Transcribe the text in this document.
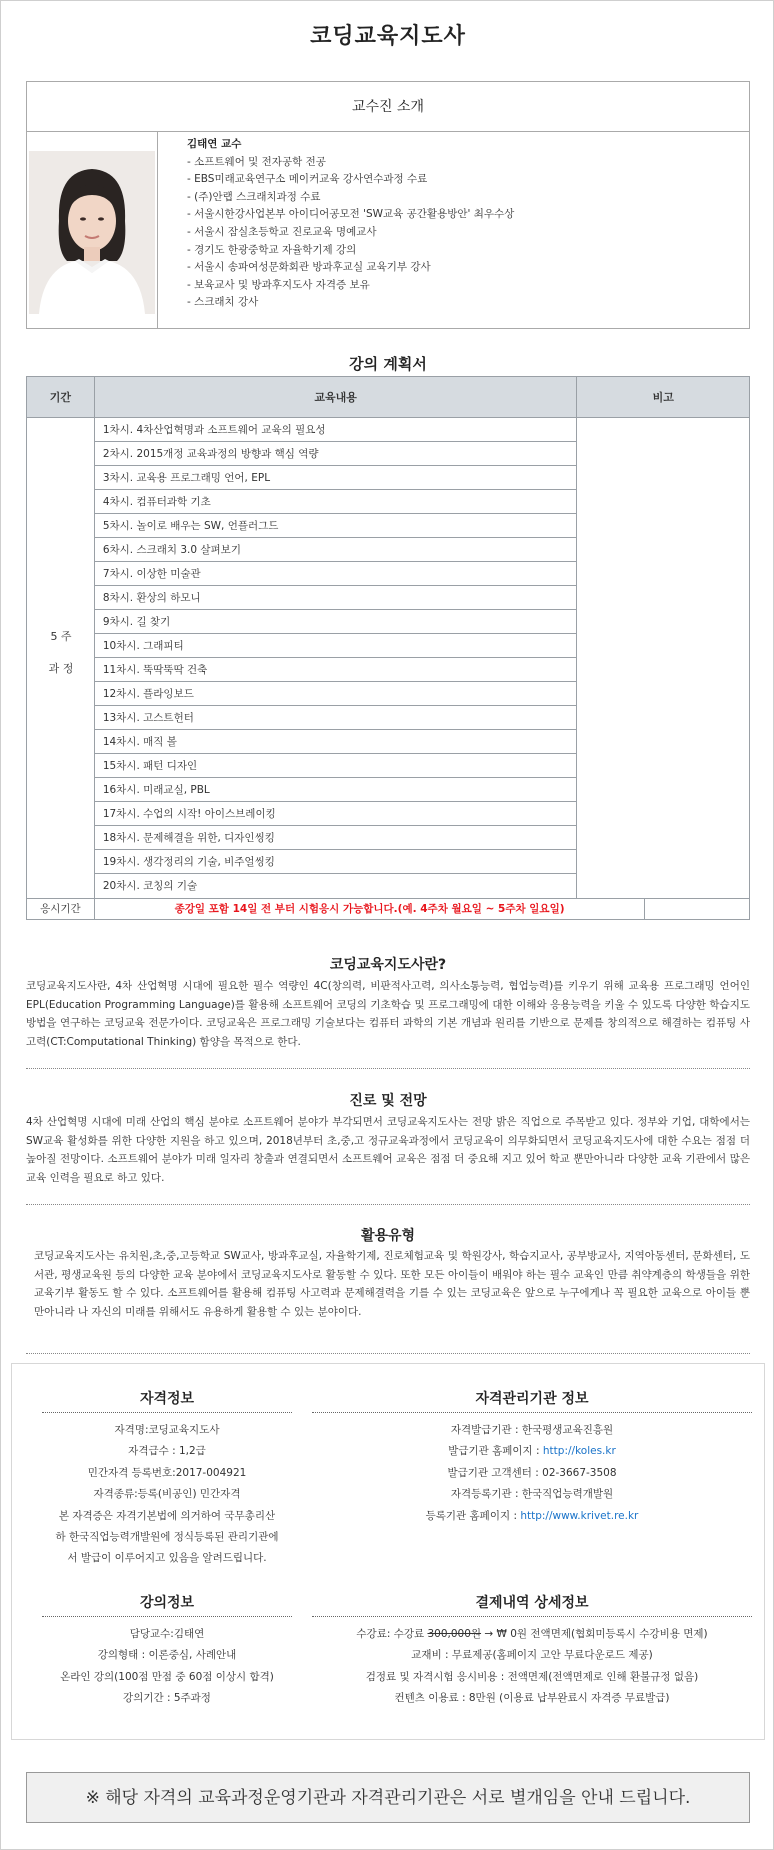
코딩교육지도사
교수진 소개
김태연 교수
- 소프트웨어 및 전자공학 전공
- EBS미래교육연구소 메이커교육 강사연수과정 수료
- (주)안랩 스크래치과정 수료
- 서울시한강사업본부 아이디어공모전 'SW교육 공간활용방안' 최우수상
- 서울시 잠실초등학교 진로교육 명예교사
- 경기도 한광중학교 자율학기제 강의
- 서울시 송파여성문화회관 방과후교실 교육기부 강사
- 보육교사 및 방과후지도사 자격증 보유
- 스크래치 강사
강의 계획서
기간	교육내용	비고
5 주
과 정
1차시. 4차산업혁명과 소프트웨어 교육의 필요성
2차시. 2015개정 교육과정의 방향과 핵심 역량
3차시. 교육용 프로그래밍 언어, EPL
4차시. 컴퓨터과학 기초
5차시. 놀이로 배우는 SW, 언플러그드
6차시. 스크래치 3.0 살펴보기
7차시. 이상한 미술관
8차시. 환상의 하모니
9차시. 길 찾기
10차시. 그래피티
11차시. 뚝딱뚝딱 건축
12차시. 플라잉보드
13차시. 고스트헌터
14차시. 매직 볼
15차시. 패턴 디자인
16차시. 미래교실, PBL
17차시. 수업의 시작! 아이스브레이킹
18차시. 문제해결을 위한, 디자인씽킹
19차시. 생각정리의 기술, 비주얼씽킹
20차시. 코칭의 기술
응시기간	종강일 포함 14일 전 부터 시험응시 가능합니다.(예. 4주차 월요일 ~ 5주차 일요일)
코딩교육지도사란?
코딩교육지도사란, 4차 산업혁명 시대에 필요한 필수 역량인 4C(창의력, 비판적사고력, 의사소통능력, 협업능력)를 키우기 위해 교육용 프로그래밍 언어인 EPL(Education Programming Language)를 활용해 소프트웨어 코딩의 기초학습 및 프로그래밍에 대한 이해와 응용능력을 키울 수 있도록 다양한 학습지도 방법을 연구하는 코딩교육 전문가이다. 코딩교육은 프로그래밍 기술보다는 컴퓨터 과학의 기본 개념과 원리를 기반으로 문제를 창의적으로 해결하는 컴퓨팅 사고력(CT:Computational Thinking) 함양을 목적으로 한다.
진로 및 전망
4차 산업혁명 시대에 미래 산업의 핵심 분야로 소프트웨어 분야가 부각되면서 코딩교육지도사는 전망 밝은 직업으로 주목받고 있다. 정부와 기업, 대학에서는 SW교육 활성화를 위한 다양한 지원을 하고 있으며, 2018년부터 초,중,고 정규교육과정에서 코딩교육이 의무화되면서 코딩교육지도사에 대한 수요는 점점 더 높아질 전망이다. 소프트웨어 분야가 미래 일자리 창출과 연결되면서 소프트웨어 교육은 점점 더 중요해 지고 있어 학교 뿐만아니라 다양한 교육 기관에서 많은 교육 인력을 필요로 하고 있다.
활용유형
코딩교육지도사는 유치원,초,중,고등학교 SW교사, 방과후교실, 자율학기제, 진로체험교육 및 학원강사, 학습지교사, 공부방교사, 지역아동센터, 문화센터, 도서관, 평생교육원 등의 다양한 교육 분야에서 코딩교육지도사로 활동할 수 있다. 또한 모든 아이들이 배워야 하는 필수 교육인 만큼 취약계층의 학생들을 위한 교육기부 활동도 할 수 있다. 소프트웨어를 활용해 컴퓨팅 사고력과 문제해결력을 기를 수 있는 코딩교육은 앞으로 누구에게나 꼭 필요한 교육으로 아이들 뿐만아니라 나 자신의 미래를 위해서도 유용하게 활용할 수 있는 분야이다.
자격정보
자격명:코딩교육지도사
자격급수 : 1,2급
민간자격 등록번호:2017-004921
자격종류:등록(비공인) 민간자격
본 자격증은 자격기본법에 의거하여 국무총리산
하 한국직업능력개발원에 정식등록된 관리기관에
서 발급이 이루어지고 있음을 알려드립니다.
자격관리기관 정보
자격발급기관 : 한국평생교육진흥원
발급기관 홈페이지 : http://koles.kr
발급기관 고객센터 : 02-3667-3508
자격등록기관 : 한국직업능력개발원
등록기관 홈페이지 : http://www.krivet.re.kr
강의정보
담당교수:김태연
강의형태 : 이론중심, 사례안내
온라인 강의(100점 만점 중 60점 이상시 합격)
강의기간 : 5주과정
결제내역 상세정보
수강료: 수강료 300,000원 → ₩ 0원 전액면제(협회미등록시 수강비용 면제)
교재비 : 무료제공(홈페이지 고안 무료다운로드 제공)
검정료 및 자격시험 응시비용 : 전액면제(전액면제로 인해 환불규정 없음)
컨텐츠 이용료 : 8만원 (이용료 납부완료시 자격증 무료발급)
※ 해당 자격의 교육과정운영기관과 자격관리기관은 서로 별개임을 안내 드립니다.
